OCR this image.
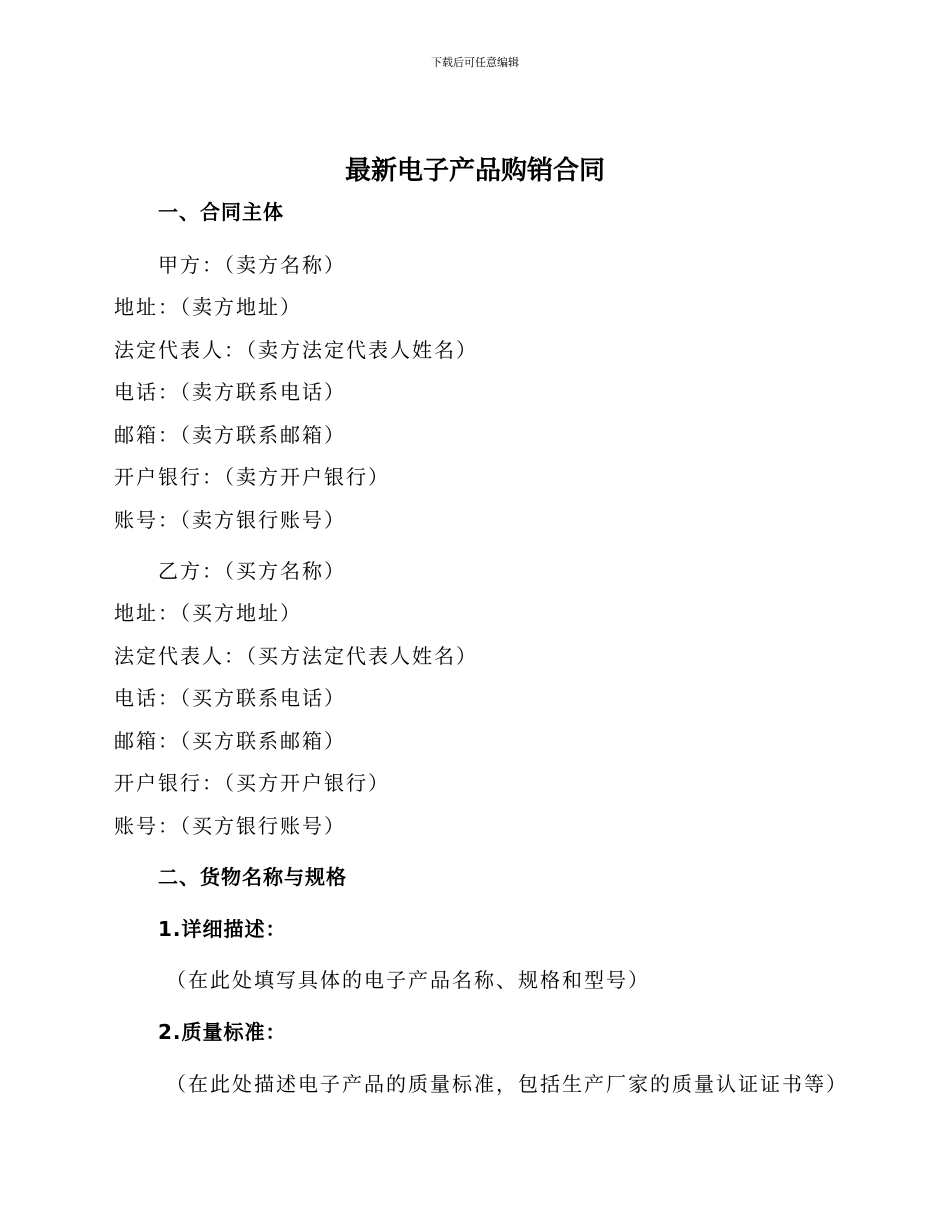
下载后可任意编辑
最新电子产品购销合同
一、合同主体
甲方：（卖方名称）
地址：（卖方地址）
法定代表人：（卖方法定代表人姓名）
电话：（卖方联系电话）
邮箱：（卖方联系邮箱）
开户银行：（卖方开户银行）
账号：（卖方银行账号）
乙方：（买方名称）
地址：（买方地址）
法定代表人：（买方法定代表人姓名）
电话：（买方联系电话）
邮箱：（买方联系邮箱）
开户银行：（买方开户银行）
账号：（买方银行账号）
二、货物名称与规格
1.详细描述：
（在此处填写具体的电子产品名称、规格和型号）
2.质量标准：
（在此处描述电子产品的质量标准，包括生产厂家的质量认证证书等）
